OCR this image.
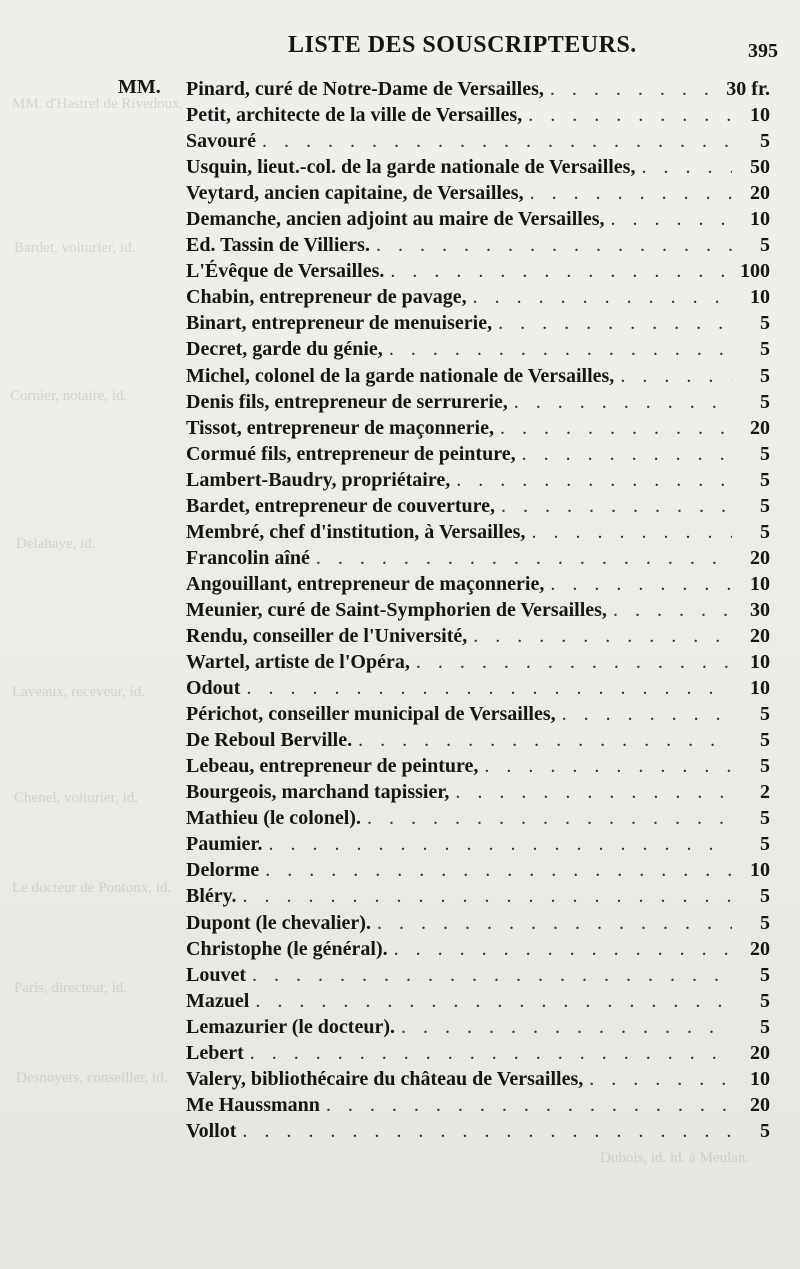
MM. d'Hastrel de Rivedoux,
Bardet, voiturier, id.
Cornier, notaire, id.
Delahaye, id.
Laveaux, receveur, id.
Chenel, voiturier, id.
Le docteur de Pontonx, id.
Paris, directeur, id.
Desnoyers, conseiller, id.
Dubois, id. id. à Meulan.
LISTE DES SOUSCRIPTEURS.	395
MM. Pinard, curé de Notre-Dame de Versailles, . . .	30 fr.
Petit, architecte de la ville de Versailles, . . .	10
Savouré . . .	5
Usquin, lieut.-col. de la garde nationale de Versailles, . . .	50
Veytard, ancien capitaine, de Versailles, . . .	20
Demanche, ancien adjoint au maire de Versailles, . . .	10
Ed. Tassin de Villiers. . . .	5
L'Évêque de Versailles. . . .	100
Chabin, entrepreneur de pavage, . . .	10
Binart, entrepreneur de menuiserie, . . .	5
Decret, garde du génie, . . .	5
Michel, colonel de la garde nationale de Versailles, . . .	5
Denis fils, entrepreneur de serrurerie, . . .	5
Tissot, entrepreneur de maçonnerie, . . .	20
Cormué fils, entrepreneur de peinture, . . .	5
Lambert-Baudry, propriétaire, . . .	5
Bardet, entrepreneur de couverture, . . .	5
Membré, chef d'institution, à Versailles, . . .	5
Francolin aîné . . .	20
Angouillant, entrepreneur de maçonnerie, . . .	10
Meunier, curé de Saint-Symphorien de Versailles, . . .	30
Rendu, conseiller de l'Université, . . .	20
Wartel, artiste de l'Opéra, . . .	10
Odout . . .	10
Périchot, conseiller municipal de Versailles, . . .	5
De Reboul Berville. . . .	5
Lebeau, entrepreneur de peinture, . . .	5
Bourgeois, marchand tapissier, . . .	2
Mathieu (le colonel). . . .	5
Paumier. . . .	5
Delorme . . .	10
Bléry. . . .	5
Dupont (le chevalier). . . .	5
Christophe (le général). . . .	20
Louvet . . .	5
Mazuel . . .	5
Lemazurier (le docteur). . . .	5
Lebert . . .	20
Valery, bibliothécaire du château de Versailles, . . .	10
Me Haussmann . . .	20
Vollot . . .	5
